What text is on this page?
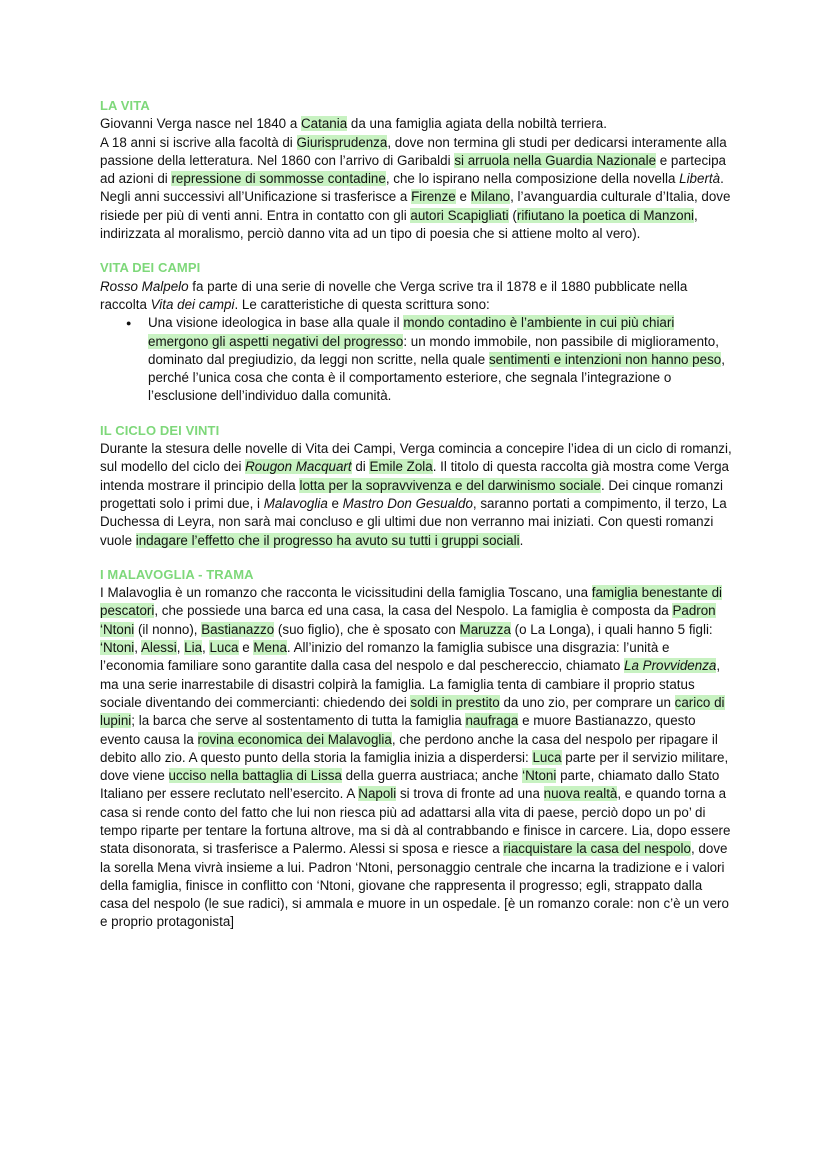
LA VITA

Giovanni Verga nasce nel 1840 a Catania da una famiglia agiata della nobiltà terriera.
A 18 anni si iscrive alla facoltà di Giurisprudenza, dove non termina gli studi per dedicarsi interamente alla passione della letteratura. Nel 1860 con l’arrivo di Garibaldi si arruola nella Guardia Nazionale e partecipa ad azioni di repressione di sommosse contadine, che lo ispirano nella composizione della novella Libertà. Negli anni successivi all’Unificazione si trasferisce a Firenze e Milano, l’avanguardia culturale d’Italia, dove risiede per più di venti anni. Entra in contatto con gli autori Scapigliati (rifiutano la poetica di Manzoni, indirizzata al moralismo, perciò danno vita ad un tipo di poesia che si attiene molto al vero).

VITA DEI CAMPI

Rosso Malpelo fa parte di una serie di novelle che Verga scrive tra il 1878 e il 1880 pubblicate nella raccolta Vita dei campi. Le caratteristiche di questa scrittura sono:

● Una visione ideologica in base alla quale il mondo contadino è l’ambiente in cui più chiari emergono gli aspetti negativi del progresso: un mondo immobile, non passibile di miglioramento, dominato dal pregiudizio, da leggi non scritte, nella quale sentimenti e intenzioni non hanno peso, perché l’unica cosa che conta è il comportamento esteriore, che segnala l’integrazione o l’esclusione dell’individuo dalla comunità.
IL CICLO DEI VINTI

Durante la stesura delle novelle di Vita dei Campi, Verga comincia a concepire l’idea di un ciclo di romanzi, sul modello del ciclo dei Rougon Macquart di Emile Zola. Il titolo di questa raccolta già mostra come Verga intenda mostrare il principio della lotta per la sopravvivenza e del darwinismo sociale. Dei cinque romanzi progettati solo i primi due, i Malavoglia e Mastro Don Gesualdo, saranno portati a compimento, il terzo, La Duchessa di Leyra, non sarà mai concluso e gli ultimi due non verranno mai iniziati. Con questi romanzi vuole indagare l’effetto che il progresso ha avuto su tutti i gruppi sociali.

I MALAVOGLIA - TRAMA

I Malavoglia è un romanzo che racconta le vicissitudini della famiglia Toscano, una famiglia benestante di pescatori, che possiede una barca ed una casa, la casa del Nespolo. La famiglia è composta da Padron ‘Ntoni (il nonno), Bastianazzo (suo figlio), che è sposato con Maruzza (o La Longa), i quali hanno 5 figli: ‘Ntoni, Alessi, Lia, Luca e Mena. All’inizio del romanzo la famiglia subisce una disgrazia: l’unità e l’economia familiare sono garantite dalla casa del nespolo e dal peschereccio, chiamato La Provvidenza, ma una serie inarrestabile di disastri colpirà la famiglia. La famiglia tenta di cambiare il proprio status sociale diventando dei commercianti: chiedendo dei soldi in prestito da uno zio, per comprare un carico di lupini; la barca che serve al sostentamento di tutta la famiglia naufraga e muore Bastianazzo, questo evento causa la rovina economica dei Malavoglia, che perdono anche la casa del nespolo per ripagare il debito allo zio. A questo punto della storia la famiglia inizia a disperdersi: Luca parte per il servizio militare, dove viene ucciso nella battaglia di Lissa della guerra austriaca; anche ‘Ntoni parte, chiamato dallo Stato Italiano per essere reclutato nell’esercito. A Napoli si trova di fronte ad una nuova realtà, e quando torna a casa si rende conto del fatto che lui non riesca più ad adattarsi alla vita di paese, perciò dopo un po’ di tempo riparte per tentare la fortuna altrove, ma si dà al contrabbando e finisce in carcere. Lia, dopo essere stata disonorata, si trasferisce a Palermo. Alessi si sposa e riesce a riacquistare la casa del nespolo, dove la sorella Mena vivrà insieme a lui. Padron ‘Ntoni, personaggio centrale che incarna la tradizione e i valori della famiglia, finisce in conflitto con ‘Ntoni, giovane che rappresenta il progresso; egli, strappato dalla casa del nespolo (le sue radici), si ammala e muore in un ospedale. [è un romanzo corale: non c’è un vero e proprio protagonista]
